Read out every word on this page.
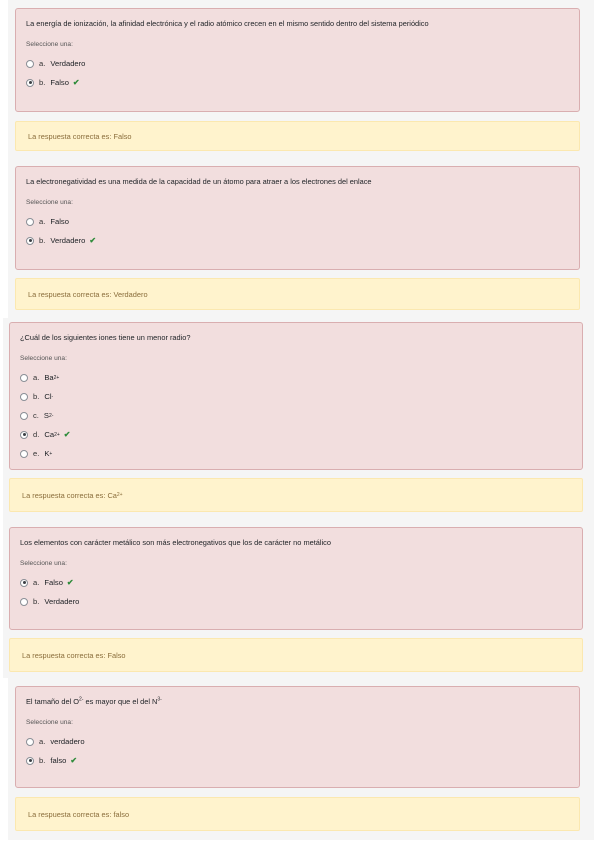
La energía de ionización, la afinidad electrónica y el radio atómico crecen en el mismo sentido dentro del sistema periódico
Seleccione una:
a. Verdadero
b. Falso ✔
La respuesta correcta es: Falso
La electronegatividad es una medida de la capacidad de un átomo para atraer a los electrones del enlace
Seleccione una:
a. Falso
b. Verdadero ✔
La respuesta correcta es: Verdadero
¿Cuál de los siguientes iones tiene un menor radio?
Seleccione una:
a. Ba 2+
b. Cl -
c. S 2-
d. Ca 2+ ✔
e. K +
La respuesta correcta es: Ca 2+
Los elementos con carácter metálico son más electronegativos que los de carácter no metálico
Seleccione una:
a. Falso ✔
b. Verdadero
La respuesta correcta es: Falso
El tamaño del $O^{2-}$ es mayor que el del $N^{3-}$
Seleccione una:
a. verdadero
b. falso ✔
La respuesta correcta es: falso
